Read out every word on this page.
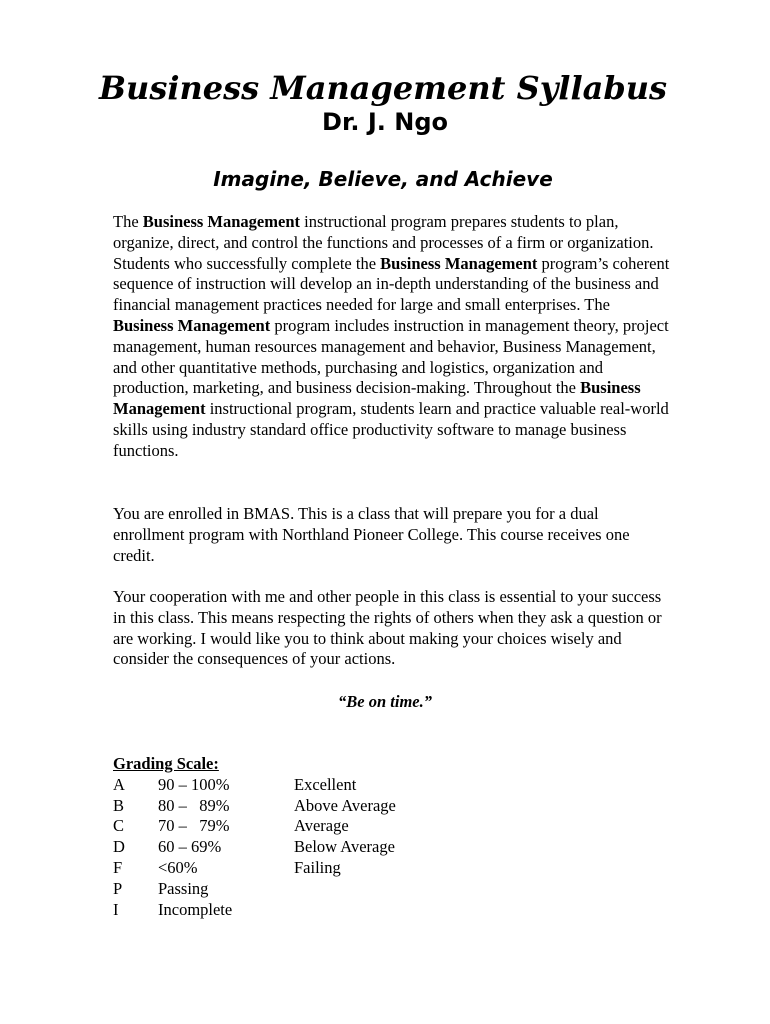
Business Management Syllabus
Dr. J. Ngo
Imagine, Believe, and Achieve

The Business Management instructional program prepares students to plan, organize, direct, and control the functions and processes of a firm or organization. Students who successfully complete the Business Management program’s coherent sequence of instruction will develop an in-depth understanding of the business and financial management practices needed for large and small enterprises. The Business Management program includes instruction in management theory, project management, human resources management and behavior, Business Management, and other quantitative methods, purchasing and logistics, organization and production, marketing, and business decision-making. Throughout the Business Management instructional program, students learn and practice valuable real-world skills using industry standard office productivity software to manage business functions.

You are enrolled in BMAS. This is a class that will prepare you for a dual enrollment program with Northland Pioneer College. This course receives one credit.

Your cooperation with me and other people in this class is essential to your success in this class. This means respecting the rights of others when they ask a question or are working. I would like you to think about making your choices wisely and consider the consequences of your actions.

“Be on time.”

Grading Scale:
A 90 – 100%	Excellent
B 80 –   89%	Above Average
C 70 –   79%	Average
D 60 – 69%	Below Average
F <60%	Failing
P Passing
I Incomplete
